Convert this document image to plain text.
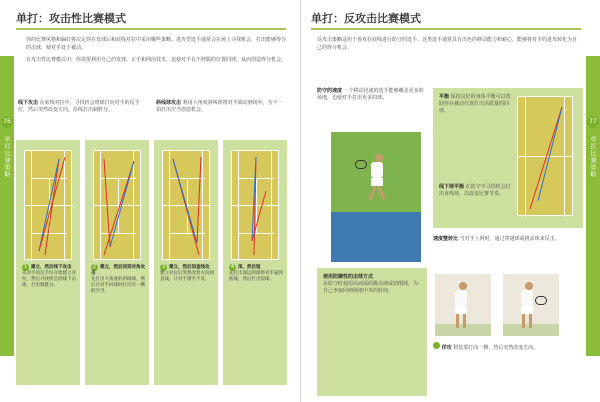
单打：攻击性比赛模式
76
单打比赛策略

你的比赛风格和偏好将决定你在发球后和底线对拉中采用哪些策略。进攻型选手通常会在场上寻找机会，打出能够得分的击球，使对手处于被动。

在攻击性比赛模式中，你需要利用自己的发球、正手和网前技术，迫使对手在不舒服的位置回球，从而创造得分机会。

线下攻击 在底线对拉中，寻找机会将球打向对手的反手位，然后突然改变方向，沿线打出制胜分。斜线球攻击 利用大角度斜线球将对手调动到场外，为下一拍打出空当创造机会。
1 建立，然后线下攻击
从对手的反手位开始建立对拉，然后寻找机会沿线下击球，打出制胜分。
2 建立，然后回到对角攻击
先打出大角度的斜线球，然后在对手回球时打向另一侧的空当。
3 建立，然后回直线攻
建立对拉后突然改变方向回直线，让对手措手不及。
4 深，然后短
先打出深远的球将对手逼到底线，然后打出短球。
单打：反攻击比赛模式
77
单打比赛策略

反攻击策略适用于喜欢在底线进行防守的选手。这类选手通常具有出色的移动能力和耐心，能够将对手的进攻转化为自己的得分机会。

防守的速度 一个移动迅速的选手能够覆盖更多的场地，迫使对手打出更多的球。
使用防御性的击球方式
在防守时使用高而深的挑高球或切削球，为自己争取回到场地中央的时间。
平衡 保持良好的身体平衡可以帮助你在被动位置打出高质量的回球。
线下球平衡 在防守中寻找机会打出直线球，以改变比赛节奏。
速度整转比 当对手上网时，通过穿越球或挑高球来反击。
佯攻 假装要打向一侧，然后突然改变方向。
